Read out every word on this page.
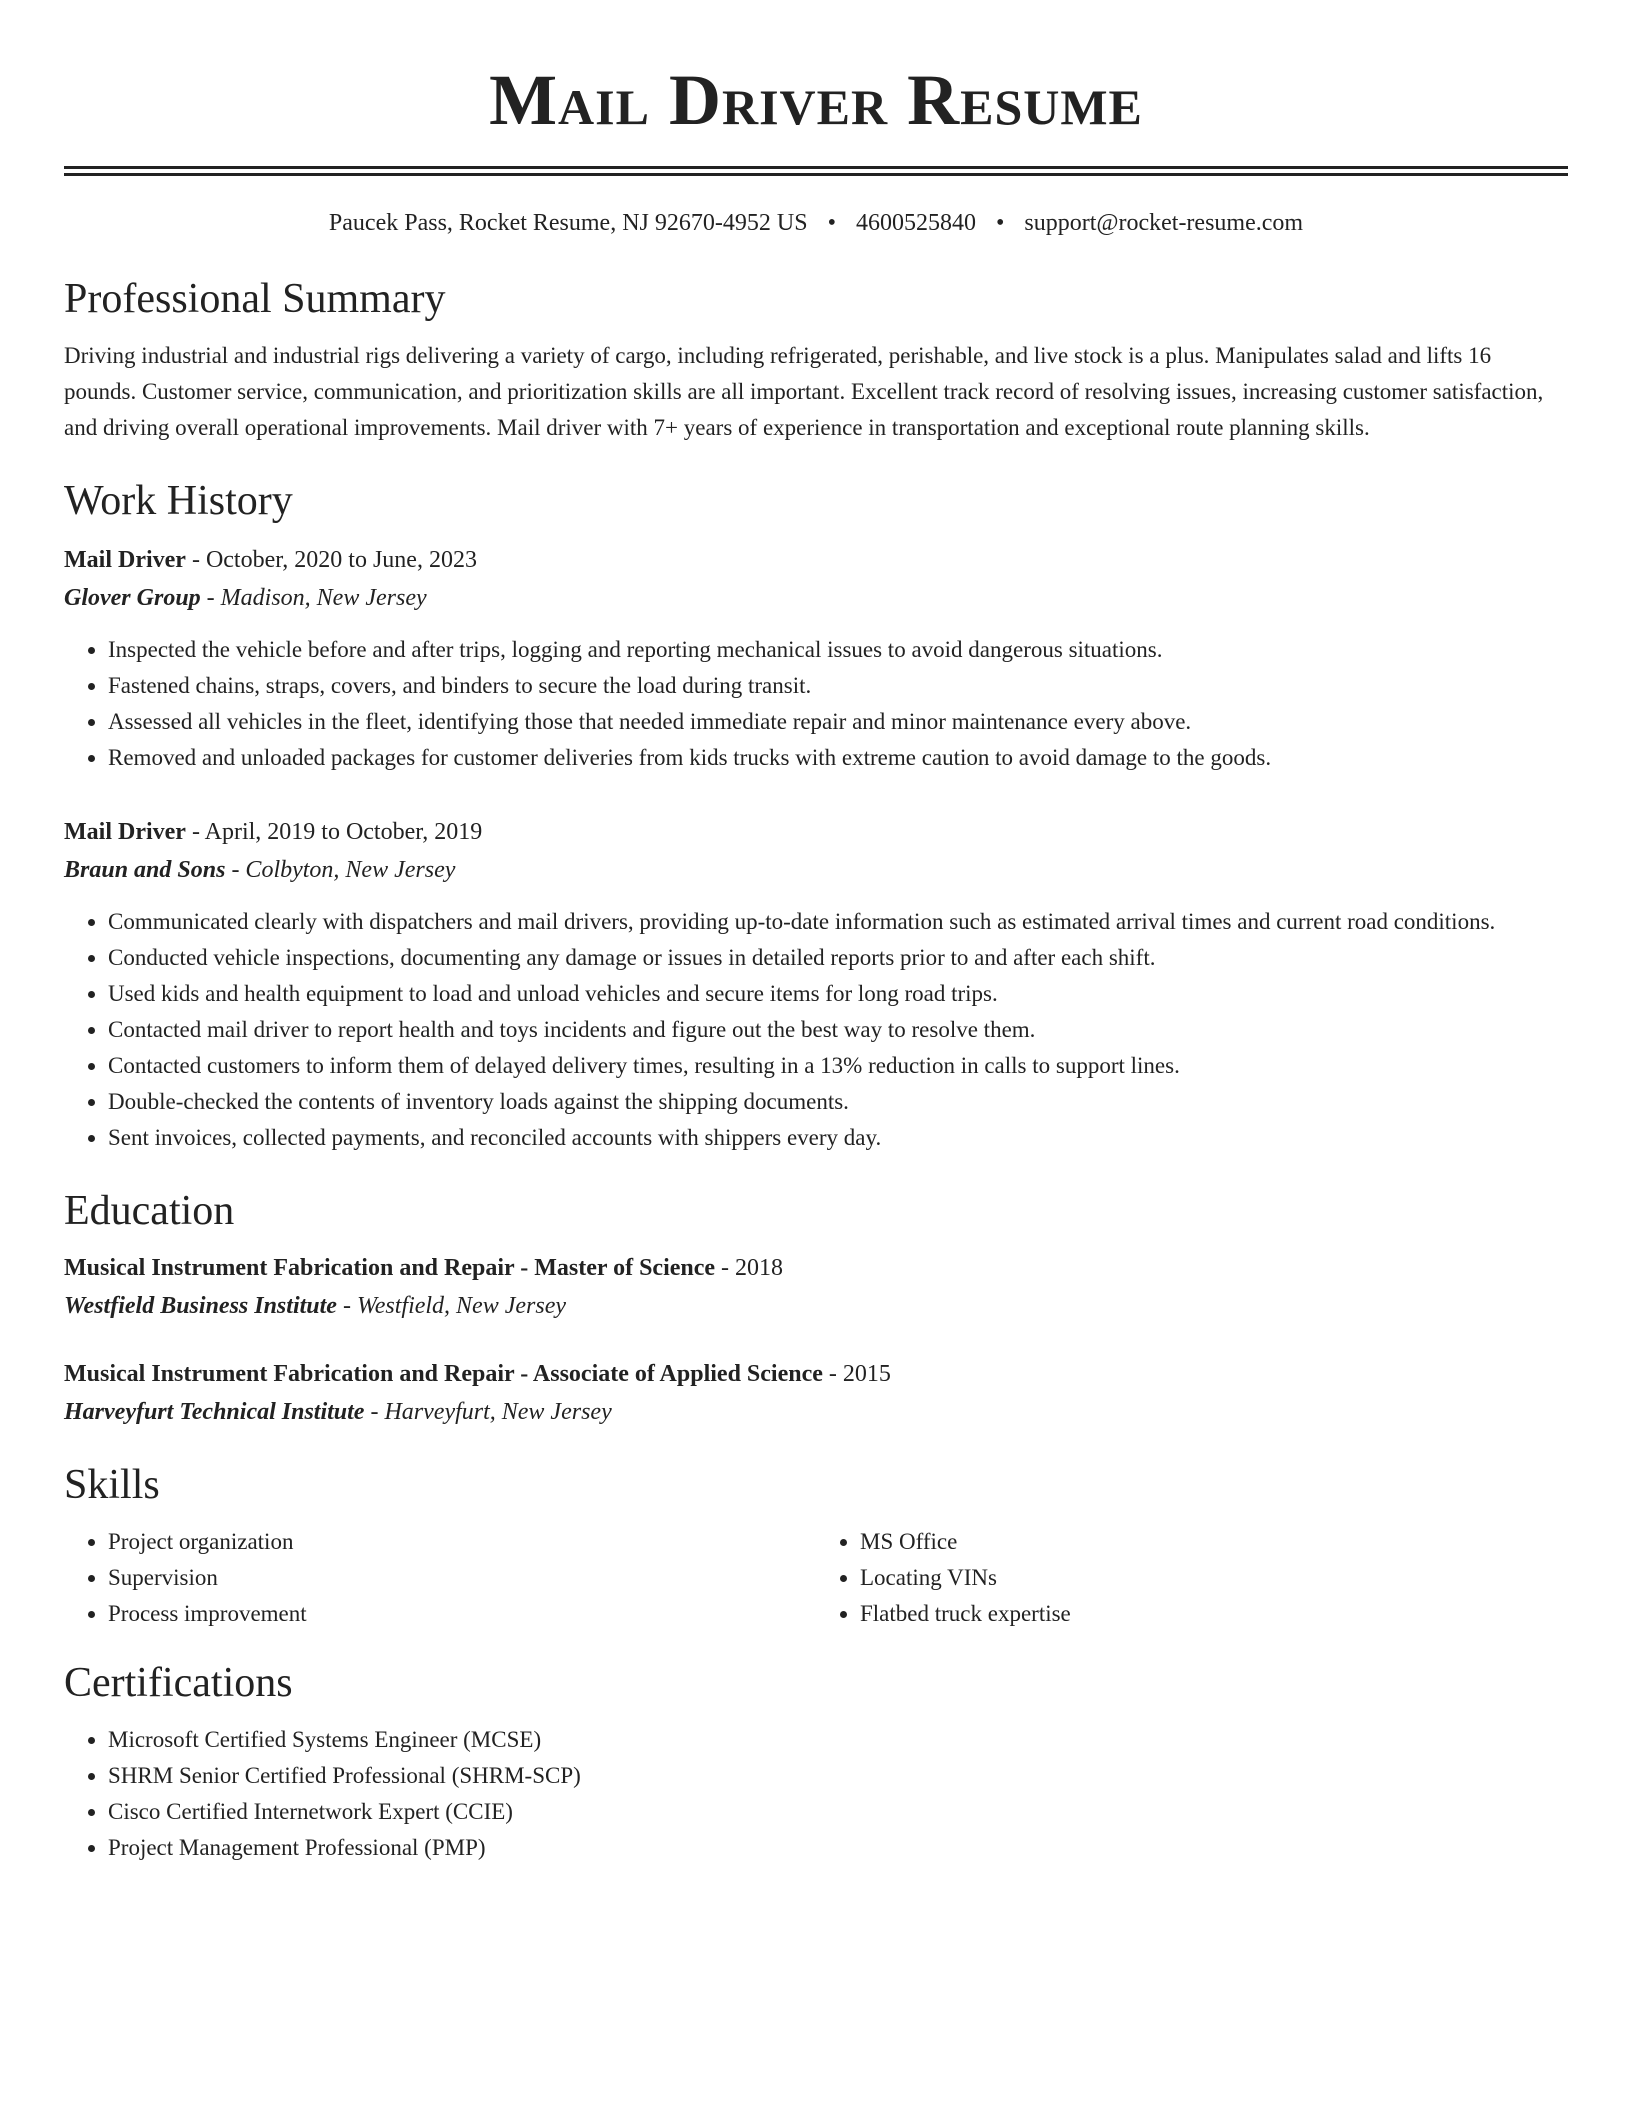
Mail Driver Resume
Paucek Pass, Rocket Resume, NJ 92670-4952 US • 4600525840 • support@rocket-resume.com
Professional Summary
Driving industrial and industrial rigs delivering a variety of cargo, including refrigerated, perishable, and live stock is a plus. Manipulates salad and lifts 16 pounds. Customer service, communication, and prioritization skills are all important. Excellent track record of resolving issues, increasing customer satisfaction, and driving overall operational improvements. Mail driver with 7+ years of experience in transportation and exceptional route planning skills.
Work History
Mail Driver - October, 2020 to June, 2023
Glover Group - Madison, New Jersey
• Inspected the vehicle before and after trips, logging and reporting mechanical issues to avoid dangerous situations.
• Fastened chains, straps, covers, and binders to secure the load during transit.
• Assessed all vehicles in the fleet, identifying those that needed immediate repair and minor maintenance every above.
• Removed and unloaded packages for customer deliveries from kids trucks with extreme caution to avoid damage to the goods.
Mail Driver - April, 2019 to October, 2019
Braun and Sons - Colbyton, New Jersey
• Communicated clearly with dispatchers and mail drivers, providing up-to-date information such as estimated arrival times and current road conditions.
• Conducted vehicle inspections, documenting any damage or issues in detailed reports prior to and after each shift.
• Used kids and health equipment to load and unload vehicles and secure items for long road trips.
• Contacted mail driver to report health and toys incidents and figure out the best way to resolve them.
• Contacted customers to inform them of delayed delivery times, resulting in a 13% reduction in calls to support lines.
• Double-checked the contents of inventory loads against the shipping documents.
• Sent invoices, collected payments, and reconciled accounts with shippers every day.
Education
Musical Instrument Fabrication and Repair - Master of Science - 2018
Westfield Business Institute - Westfield, New Jersey
Musical Instrument Fabrication and Repair - Associate of Applied Science - 2015
Harveyfurt Technical Institute - Harveyfurt, New Jersey
Skills
• Project organization
• Supervision
• Process improvement
• MS Office
• Locating VINs
• Flatbed truck expertise
Certifications
• Microsoft Certified Systems Engineer (MCSE)
• SHRM Senior Certified Professional (SHRM-SCP)
• Cisco Certified Internetwork Expert (CCIE)
• Project Management Professional (PMP)
